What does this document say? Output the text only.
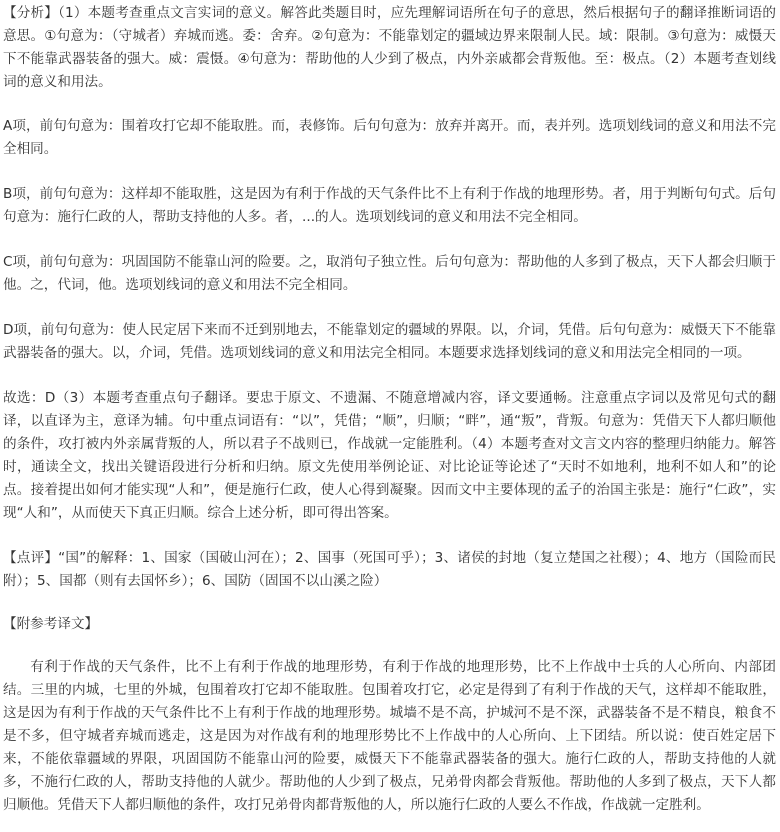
【分析】（1）本题考查重点文言实词的意义。解答此类题目时，应先理解词语所在句子的意思，然后根据句子的翻译推断词语的意思。①句意为：（守城者）弃城而逃。委：舍弃。②句意为：不能靠划定的疆域边界来限制人民。域：限制。③句意为：威慑天下不能靠武器装备的强大。威：震慑。④句意为：帮助他的人少到了极点，内外亲戚都会背叛他。至：极点。（2）本题考查划线词的意义和用法。

A项，前句句意为：围着攻打它却不能取胜。而，表修饰。后句句意为：放弃并离开。而，表并列。选项划线词的意义和用法不完全相同。

B项，前句句意为：这样却不能取胜，这是因为有利于作战的天气条件比不上有利于作战的地理形势。者，用于判断句句式。后句句意为：施行仁政的人，帮助支持他的人多。者，...的人。选项划线词的意义和用法不完全相同。

C项，前句句意为：巩固国防不能靠山河的险要。之，取消句子独立性。后句句意为：帮助他的人多到了极点，天下人都会归顺于他。之，代词，他。选项划线词的意义和用法不完全相同。

D项，前句句意为：使人民定居下来而不迁到别地去，不能靠划定的疆域的界限。以，介词，凭借。后句句意为：威慑天下不能靠武器装备的强大。以，介词，凭借。选项划线词的意义和用法完全相同。本题要求选择划线词的意义和用法完全相同的一项。

故选：D（3）本题考查重点句子翻译。要忠于原文、不遗漏、不随意增减内容，译文要通畅。注意重点字词以及常见句式的翻译，以直译为主，意译为辅。句中重点词语有：“以”，凭借；“顺”，归顺；“畔”，通“叛”，背叛。句意为：凭借天下人都归顺他的条件，攻打被内外亲属背叛的人，所以君子不战则已，作战就一定能胜利。（4）本题考查对文言文内容的整理归纳能力。解答时，通读全文，找出关键语段进行分析和归纳。原文先使用举例论证、对比论证等论述了“天时不如地利，地利不如人和”的论点。接着提出如何才能实现“人和”，便是施行仁政，使人心得到凝聚。因而文中主要体现的孟子的治国主张是：施行“仁政”，实现“人和”，从而使天下真正归顺。综合上述分析，即可得出答案。

【点评】“国”的解释：1、国家（国破山河在）；2、国事（死国可乎）；3、诸侯的封地（复立楚国之社稷）；4、地方（国险而民附）；5、国都（则有去国怀乡）；6、国防（固国不以山溪之险）

【附参考译文】

有利于作战的天气条件，比不上有利于作战的地理形势，有利于作战的地理形势，比不上作战中士兵的人心所向、内部团结。三里的内城，七里的外城，包围着攻打它却不能取胜。包围着攻打它，必定是得到了有利于作战的天气，这样却不能取胜，这是因为有利于作战的天气条件比不上有利于作战的地理形势。城墙不是不高，护城河不是不深，武器装备不是不精良，粮食不是不多，但守城者弃城而逃走，这是因为对作战有利的地理形势比不上作战中的人心所向、上下团结。所以说：使百姓定居下来，不能依靠疆域的界限，巩固国防不能靠山河的险要，威慑天下不能靠武器装备的强大。施行仁政的人，帮助支持他的人就多，不施行仁政的人，帮助支持他的人就少。帮助他的人少到了极点，兄弟骨肉都会背叛他。帮助他的人多到了极点，天下人都归顺他。凭借天下人都归顺他的条件，攻打兄弟骨肉都背叛他的人，所以施行仁政的人要么不作战，作战就一定胜利。
